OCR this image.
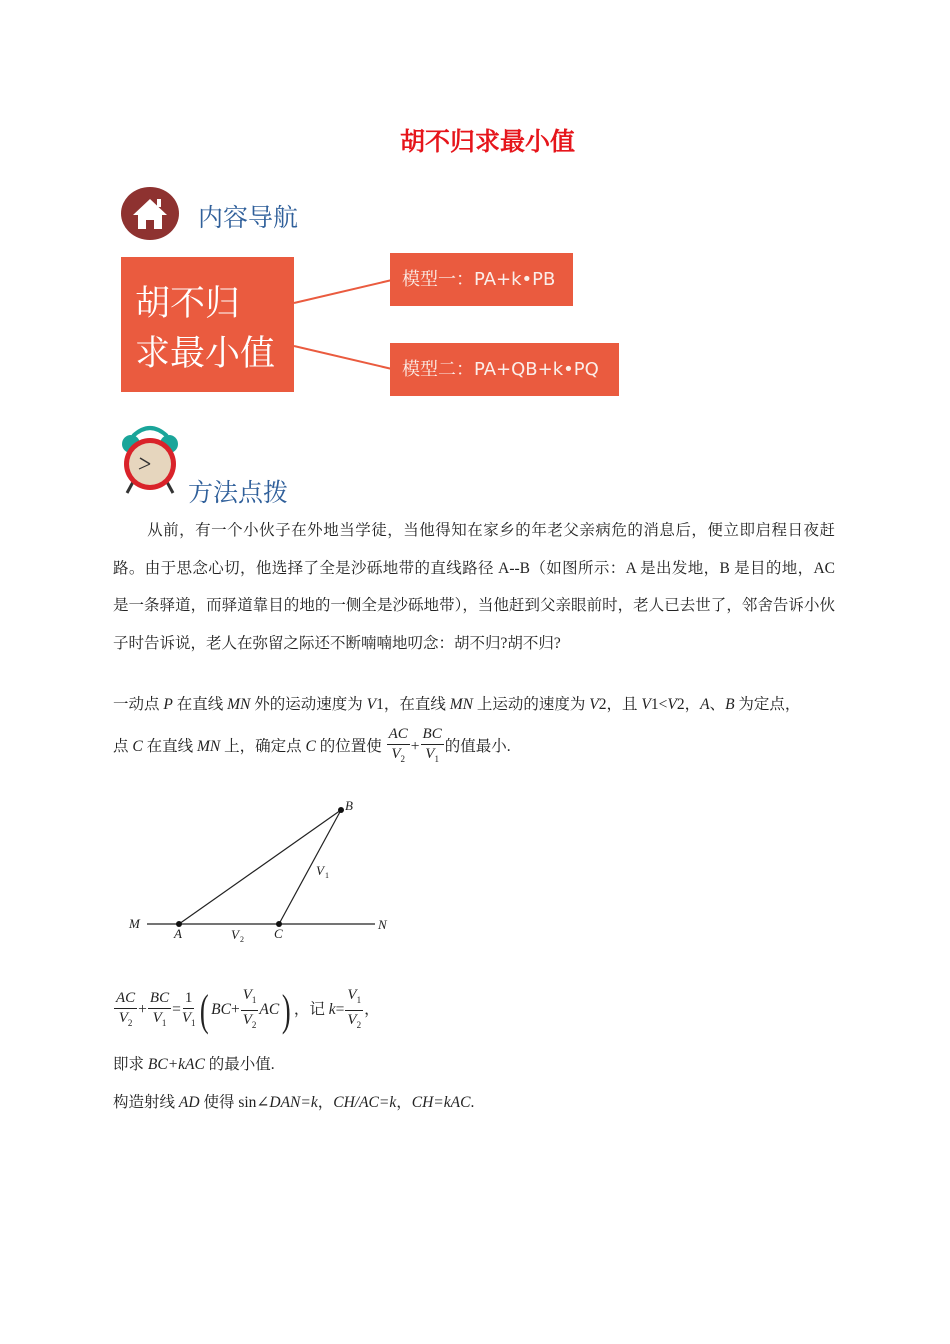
胡不归求最小值
内容导航
胡不归
求最小值
模型一：PA+k•PB
模型二：PA+QB+k•PQ
方法点拨
从前，有一个小伙子在外地当学徒，当他得知在家乡的年老父亲病危的消息后，便立即启程日夜赶路。由于思念心切，他选择了全是沙砾地带的直线路径 A--B（如图所示：A 是出发地，B 是目的地，AC 是一条驿道，而驿道靠目的地的一侧全是沙砾地带），当他赶到父亲眼前时，老人已去世了，邻舍告诉小伙子时告诉说，老人在弥留之际还不断喃喃地叨念：胡不归?胡不归?
一动点 P 在直线 MN 外的运动速度为 V1，在直线 MN 上运动的速度为 V2，且 V1<V2，A、B 为定点，
点 C 在直线 MN 上，确定点 C 的位置使 $\frac{AC}{V_2} + \frac{BC}{V_1}$ 的值最小.
B
V 1
M
A	V 2 C
N
$\frac{AC}{V_2} + \frac{BC}{V_1} = \frac{1}{V_1}$ ( $BC+ \frac{V_1}{V_2} AC$) ，记 $k= \frac{V_1}{V_2}$ ，
即求 BC+kAC 的最小值.
构造射线 AD 使得 sin∠DAN=k，CH/AC=k，CH=kAC.
